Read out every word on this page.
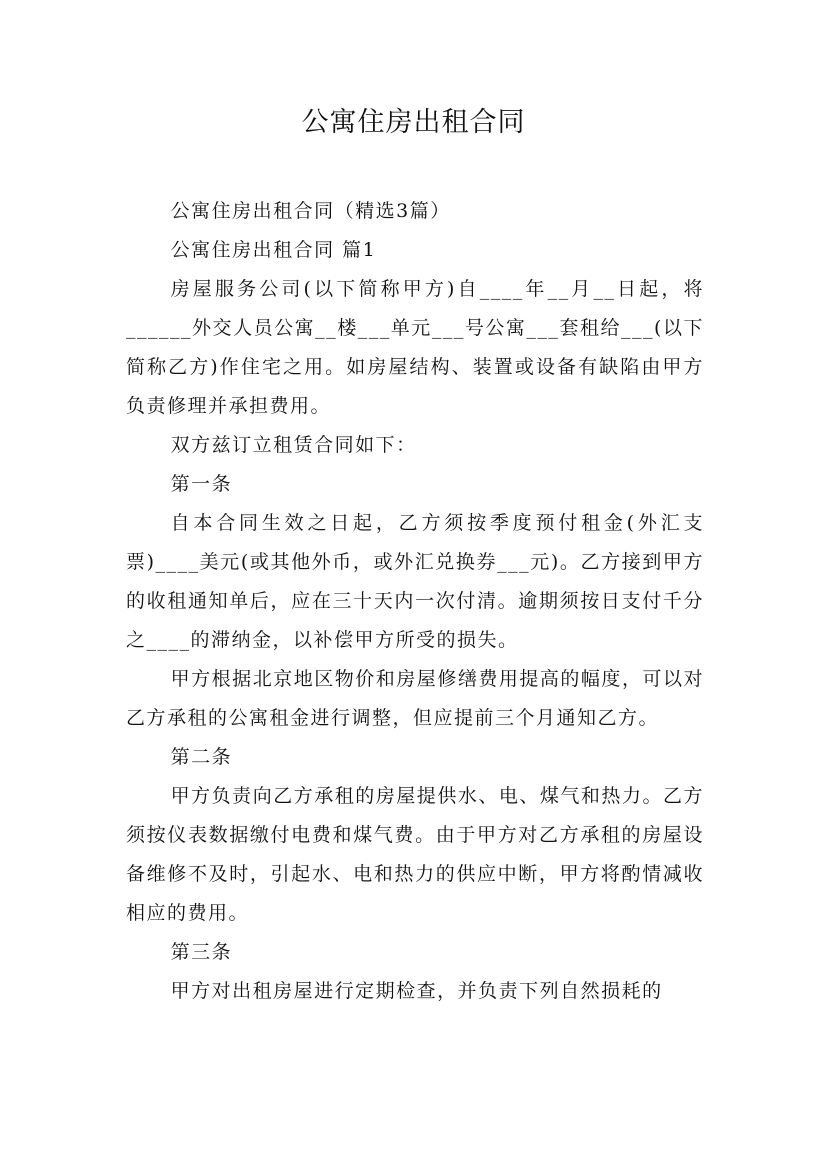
公寓住房出租合同

公寓住房出租合同（精选3篇）

公寓住房出租合同 篇1

房屋服务公司(以下简称甲方)自____年__月__日起，将______外交人员公寓__楼___单元___号公寓___套租给___(以下简称乙方)作住宅之用。如房屋结构、装置或设备有缺陷由甲方负责修理并承担费用。

双方兹订立租赁合同如下：

第一条

自本合同生效之日起，乙方须按季度预付租金(外汇支票)____美元(或其他外币，或外汇兑换券___元)。乙方接到甲方的收租通知单后，应在三十天内一次付清。逾期须按日支付千分之____的滞纳金，以补偿甲方所受的损失。

甲方根据北京地区物价和房屋修缮费用提高的幅度，可以对乙方承租的公寓租金进行调整，但应提前三个月通知乙方。

第二条

甲方负责向乙方承租的房屋提供水、电、煤气和热力。乙方须按仪表数据缴付电费和煤气费。由于甲方对乙方承租的房屋设备维修不及时，引起水、电和热力的供应中断，甲方将酌情减收相应的费用。

第三条

甲方对出租房屋进行定期检查，并负责下列自然损耗的
